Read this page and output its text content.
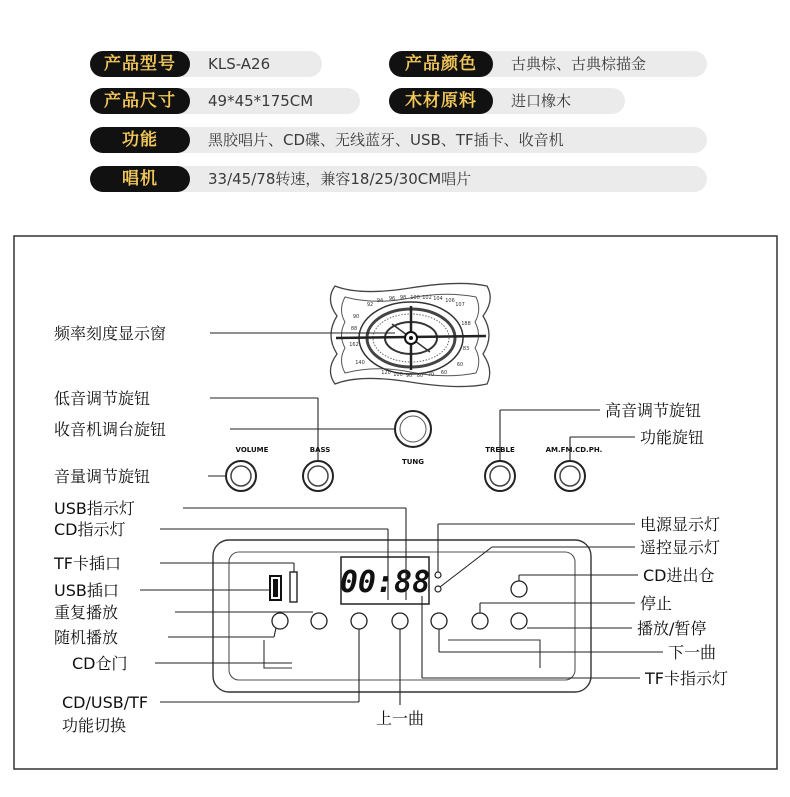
产品型号	KLS-A26	产品颜色	古典棕、古典棕描金
产品尺寸	49*45*175CM	木材原料	进口橡木
功能	黑胶唱片、CD碟、无线蓝牙、USB、TF插卡、收音机
唱机	33/45/78转速，兼容18/25/30CM唱片
92
94 96 98 100 102 104 106
107
120 100 90 80 70 60
90
88
162
140
188
83
60
TUNG
VOLUME	BASS	TREBLE	AM.FM.CD.PH.
00:88
频率刻度显示窗
低音调节旋钮
收音机调台旋钮
音量调节旋钮
USB指示灯
CD指示灯
TF卡插口
USB插口
重复播放
随机播放
CD仓门
CD/USB/TF
功能切换
高音调节旋钮
功能旋钮
电源显示灯
遥控显示灯
CD进出仓
停止
播放/暂停
下一曲
TF卡指示灯
上一曲
